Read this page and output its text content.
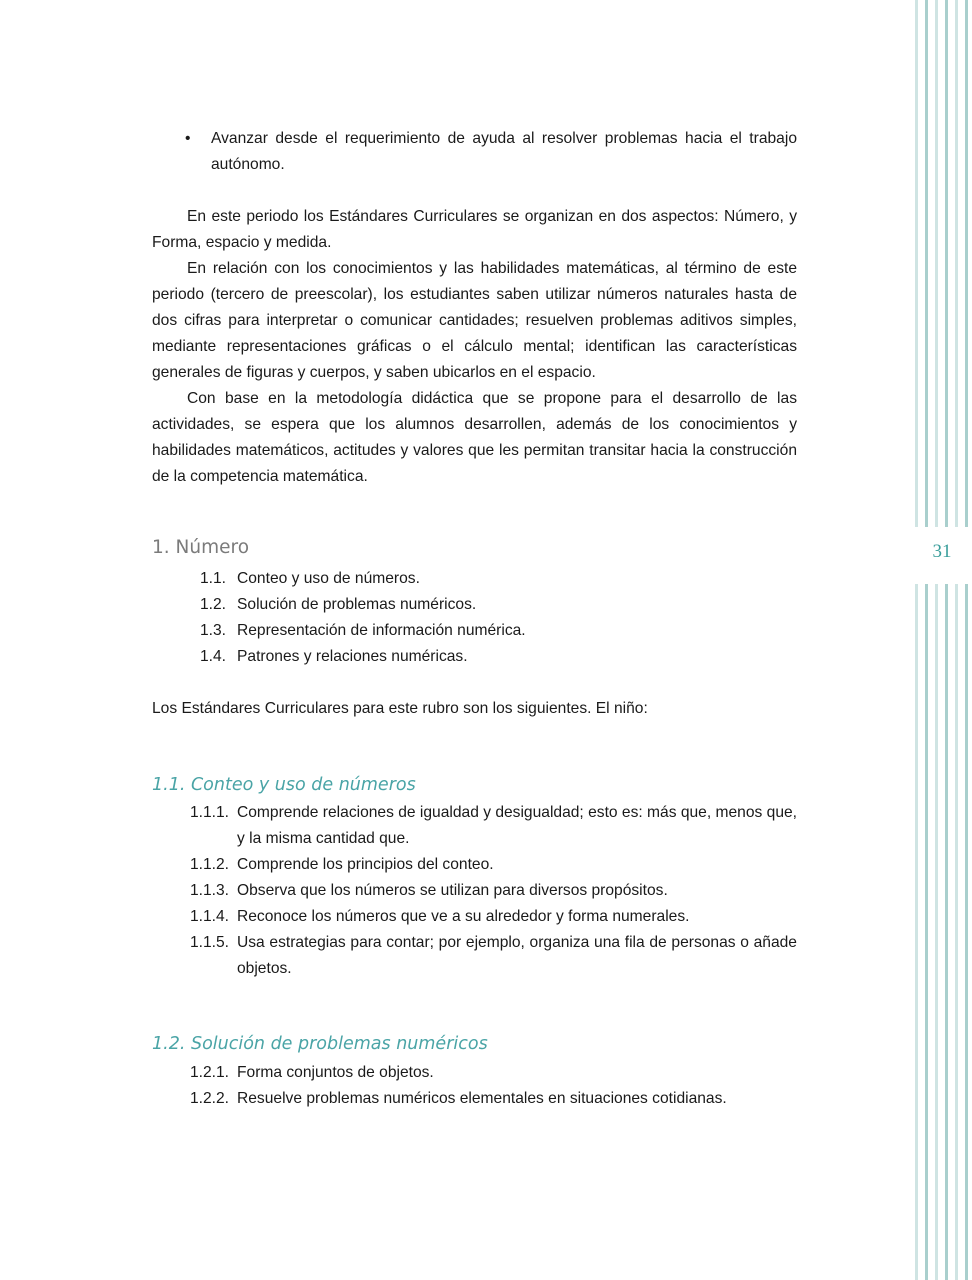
31
• Avanzar desde el requerimiento de ayuda al resolver problemas hacia el trabajo autónomo.

En este periodo los Estándares Curriculares se organizan en dos aspectos: Número, y Forma, espacio y medida.

En relación con los conocimientos y las habilidades matemáticas, al término de este periodo (tercero de preescolar), los estudiantes saben utilizar números naturales hasta de dos cifras para interpretar o comunicar cantidades; resuelven problemas aditivos simples, mediante representaciones gráficas o el cálculo mental; identifican las características generales de figuras y cuerpos, y saben ubicarlos en el espacio.

Con base en la metodología didáctica que se propone para el desarrollo de las actividades, se espera que los alumnos desarrollen, además de los conocimientos y habilidades matemáticos, actitudes y valores que les permitan transitar hacia la construcción de la competencia matemática.

1. Número
1.1. Conteo y uso de números.
1.2. Solución de problemas numéricos.
1.3. Representación de información numérica.
1.4. Patrones y relaciones numéricas.
Los Estándares Curriculares para este rubro son los siguientes. El niño:
1.1. Conteo y uso de números
1.1.1. Comprende relaciones de igualdad y desigualdad; esto es: más que, menos que, y la misma cantidad que.
1.1.2. Comprende los principios del conteo.
1.1.3. Observa que los números se utilizan para diversos propósitos.
1.1.4. Reconoce los números que ve a su alrededor y forma numerales.
1.1.5. Usa estrategias para contar; por ejemplo, organiza una fila de personas o añade objetos.
1.2. Solución de problemas numéricos
1.2.1. Forma conjuntos de objetos.
1.2.2. Resuelve problemas numéricos elementales en situaciones cotidianas.
